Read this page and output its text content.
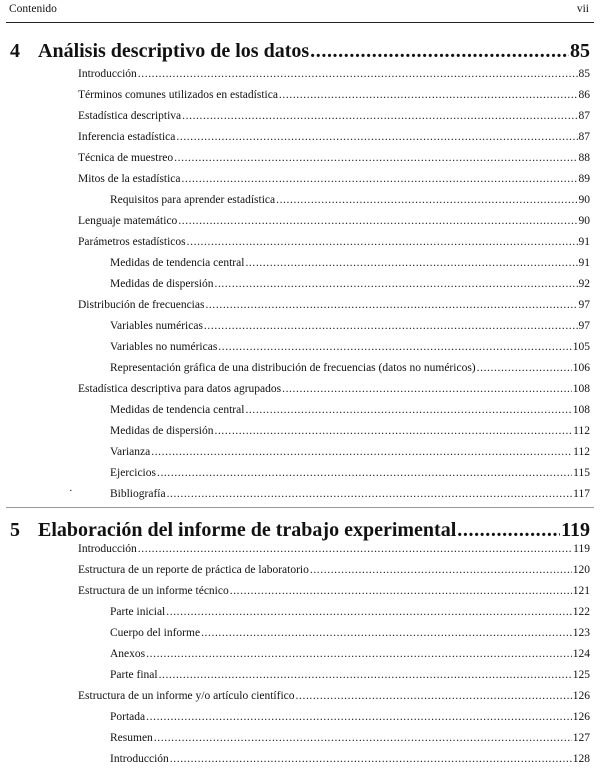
Contenido	vii
4 Análisis descriptivo de los datos .....	85
Introducción .....	85
Términos comunes utilizados en estadística .....	86
Estadística descriptiva .....	87
Inferencia estadística .....	87
Técnica de muestreo .....	88
Mitos de la estadística .....	89
Requisitos para aprender estadística .....	90
Lenguaje matemático .....	90
Parámetros estadísticos .....	91
Medidas de tendencia central .....	91
Medidas de dispersión .....	92
Distribución de frecuencias .....	97
Variables numéricas .....	97
Variables no numéricas .....	105
Representación gráfica de una distribución de frecuencias (datos no numéricos) .....	106
Estadística descriptiva para datos agrupados .....	108
Medidas de tendencia central .....	108
Medidas de dispersión .....	112
Varianza .....	112
Ejercicios .....	115
·	Bibliografía .....	117
5 Elaboración del informe de trabajo experimental .....	119
Introducción .....	119
Estructura de un reporte de práctica de laboratorio .....	120
Estructura de un informe técnico .....	121
Parte inicial .....	122
Cuerpo del informe .....	123
Anexos .....	124
Parte final .....	125
Estructura de un informe y/o artículo científico .....	126
Portada .....	126
Resumen .....	127
Introducción .....	128
